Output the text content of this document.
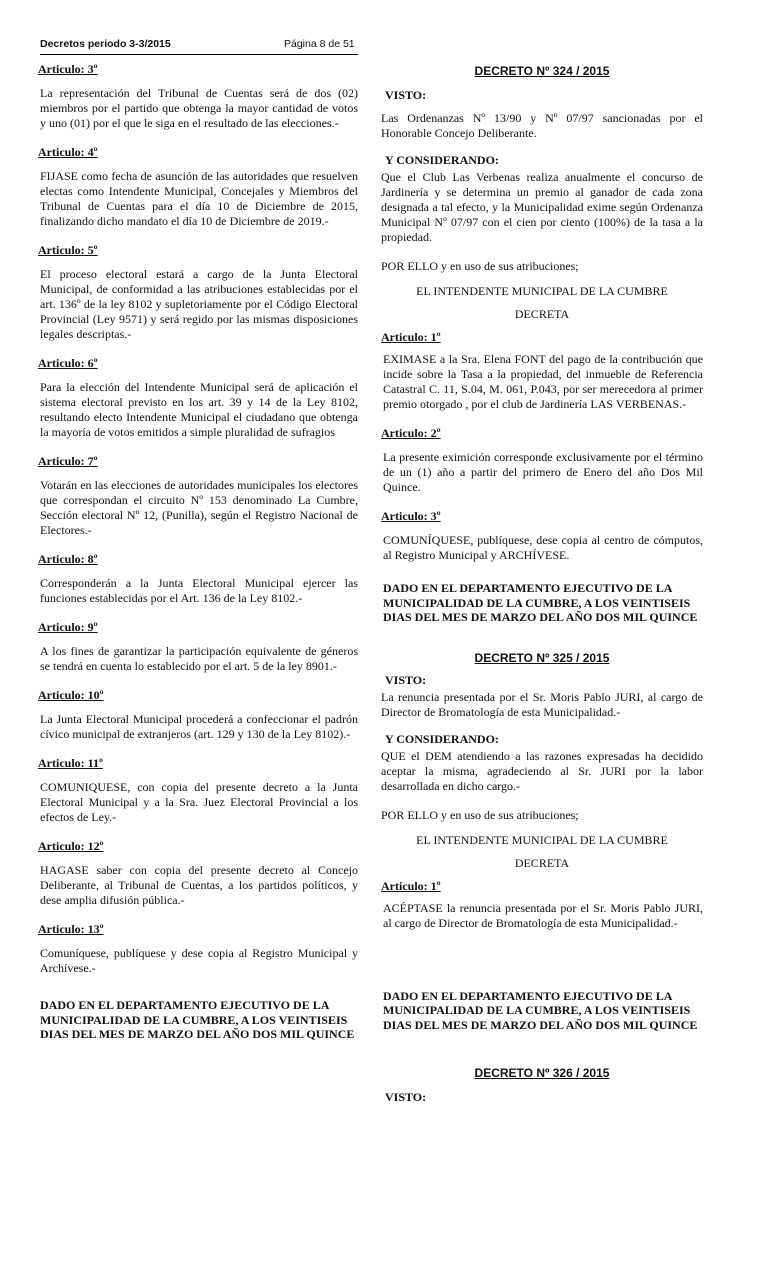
Decretos periodo 3-3/2015	Página 8 de 51
Articulo: 3º
La representación del Tribunal de Cuentas será de dos (02) miembros por el partido que obtenga la mayor cantidad de votos y uno (01) por el que le siga en el resultado de las elecciones.-
Articulo: 4º
FIJASE como fecha de asunción de las autoridades que resuelven electas como Intendente Municipal, Concejales y Miembros del Tribunal de Cuentas para el día 10 de Diciembre de 2015, finalizando dicho mandato el día 10 de Diciembre de 2019.-
Articulo: 5º
El proceso electoral estará a cargo de la Junta Electoral Municipal, de conformidad a las atribuciones establecidas por el art. 136º de la ley 8102 y supletoriamente por el Código Electoral Provincial (Ley 9571) y será regido por las mismas disposiciones legales descriptas.-
Articulo: 6º
Para la elección del Intendente Municipal será de aplicación el sistema electoral previsto en los art. 39 y 14 de la Ley 8102, resultando electo Intendente Municipal el ciudadano que obtenga la mayoría de votos emitidos a simple pluralidad de sufragios
Articulo: 7º
Votarán en las elecciones de autoridades municipales los electores que correspondan el circuito Nº 153 denominado La Cumbre, Sección electoral Nº 12, (Punilla), según el Registro Nacional de Electores.-
Articulo: 8º
Corresponderán a la Junta Electoral Municipal ejercer las funciones establecidas por el Art. 136 de la Ley 8102.-
Articulo: 9º
A los fines de garantizar la participación equivalente de géneros se tendrá en cuenta lo establecido por el art. 5 de la ley 8901.-
Articulo: 10º
La Junta Electoral Municipal procederá a confeccionar el padrón cívico municipal de extranjeros (art. 129 y 130 de la Ley 8102).-
Articulo: 11º
COMUNIQUESE, con copia del presente decreto a la Junta Electoral Municipal y a la Sra. Juez Electoral Provincial a los efectos de Ley.-
Articulo: 12º
HAGASE saber con copia del presente decreto al Concejo Deliberante, al Tribunal de Cuentas, a los partidos políticos, y dese amplia difusión pública.-
Articulo: 13º
Comuníquese, publíquese y dese copia al Registro Municipal y Archívese.-
DADO EN EL DEPARTAMENTO EJECUTIVO DE LA MUNICIPALIDAD DE LA CUMBRE, A LOS VEINTISEIS DIAS DEL MES DE MARZO DEL AÑO DOS MIL QUINCE
DECRETO Nº 324 / 2015
VISTO:
Las Ordenanzas Nº 13/90 y Nº 07/97 sancionadas por el Honorable Concejo Deliberante.
Y CONSIDERANDO:
Que el Club Las Verbenas realiza anualmente el concurso de Jardinería y se determina un premio al ganador de cada zona designada a tal efecto, y la Municipalidad exime según Ordenanza Municipal Nº 07/97 con el cien por ciento (100%) de la tasa a la propiedad.
POR ELLO y en uso de sus atribuciones;
EL INTENDENTE MUNICIPAL DE LA CUMBRE
DECRETA
Articulo: 1º
EXIMASE a la Sra. Elena FONT del pago de la contribución que incide sobre la Tasa a la propiedad, del inmueble de Referencia Catastral C. 11, S.04, M. 061, P.043, por ser merecedora al primer premio otorgado , por el club de Jardinería LAS VERBENAS.-
Articulo: 2º
La presente eximición corresponde exclusivamente por el término de un (1) año a partir del primero de Enero del año Dos Mil Quince.
Articulo: 3º
COMUNÍQUESE, publíquese, dese copia al centro de cómputos, al Registro Municipal y ARCHÍVESE.
DADO EN EL DEPARTAMENTO EJECUTIVO DE LA MUNICIPALIDAD DE LA CUMBRE, A LOS VEINTISEIS DIAS DEL MES DE MARZO DEL AÑO DOS MIL QUINCE
DECRETO Nº 325 / 2015
VISTO:
La renuncia presentada por el Sr. Moris Pablo JURI, al cargo de Director de Bromatología de esta Municipalidad.-
Y CONSIDERANDO:
QUE el DEM atendiendo a las razones expresadas ha decidido aceptar la misma, agradeciendo al Sr. JURI por la labor desarrollada en dicho cargo.-
POR ELLO y en uso de sus atribuciones;
EL INTENDENTE MUNICIPAL DE LA CUMBRE
DECRETA
Articulo: 1º
ACÉPTASE la renuncia presentada por el Sr. Moris Pablo JURI, al cargo de Director de Bromatología de esta Municipalidad.-
DADO EN EL DEPARTAMENTO EJECUTIVO DE LA MUNICIPALIDAD DE LA CUMBRE, A LOS VEINTISEIS DIAS DEL MES DE MARZO DEL AÑO DOS MIL QUINCE
DECRETO Nº 326 / 2015
VISTO:
